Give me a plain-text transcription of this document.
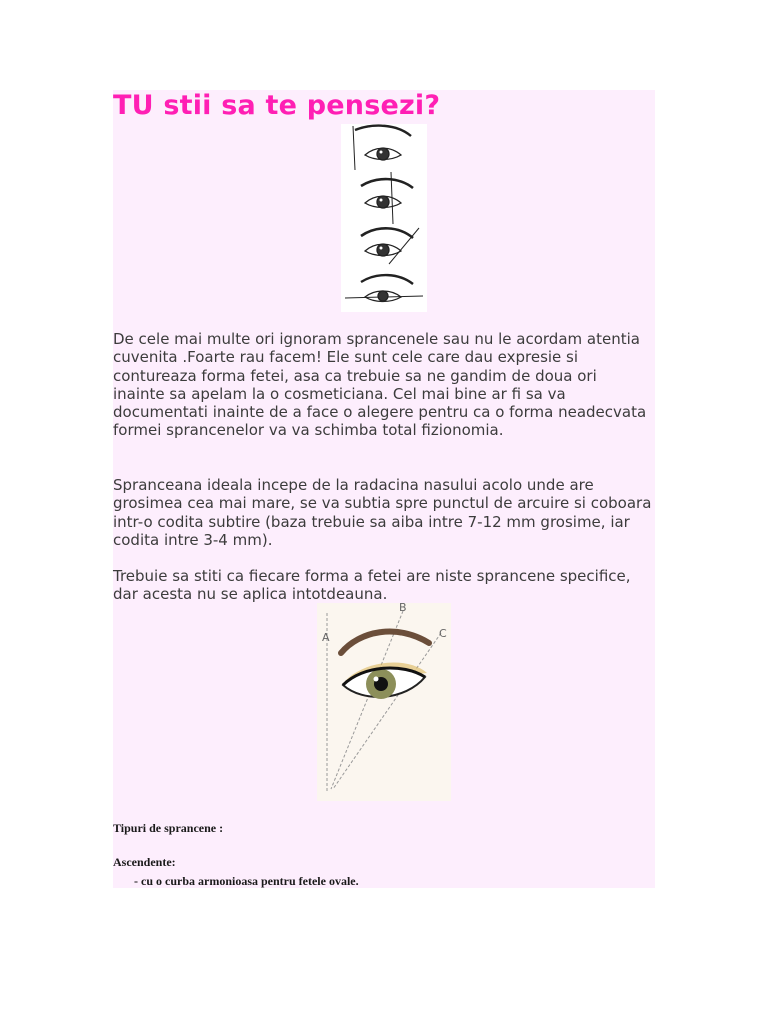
TU stii sa te pensezi?

De cele mai multe ori ignoram sprancenele sau nu le acordam atentia cuvenita .Foarte rau facem! Ele sunt cele care dau expresie si contureaza forma fetei, asa ca trebuie sa ne gandim de doua ori inainte sa apelam la o cosmeticiana. Cel mai bine ar fi sa va documentati inainte de a face o alegere pentru ca o forma neadecvata formei sprancenelor va va schimba total fizionomia.

Spranceana ideala incepe de la radacina nasului acolo unde are grosimea cea mai mare, se va subtia spre punctul de arcuire si coboara intr-o codita subtire (baza trebuie sa aiba intre 7-12 mm grosime, iar codita intre 3-4 mm).

Trebuie sa stiti ca fiecare forma a fetei are niste sprancene specifice, dar acesta nu se aplica intotdeauna.

A
B
C

Tipuri de sprancene :

Ascendente:

- cu o curba armonioasa pentru fetele ovale.
